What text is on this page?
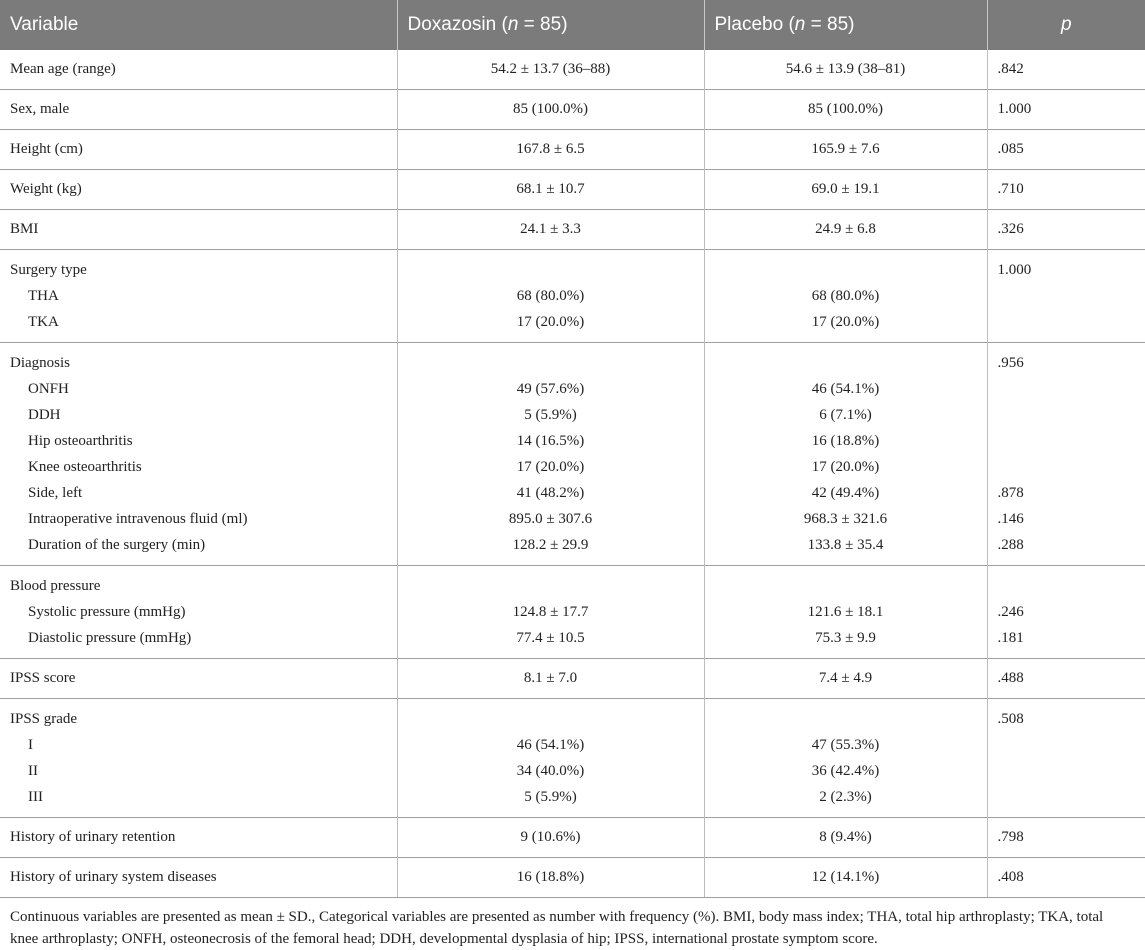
Variable	Doxazosin (n = 85)	Placebo (n = 85)	p
Mean age (range)	54.2 ± 13.7 (36–88)	54.6 ± 13.9 (38–81)	.842
Sex, male	85 (100.0%)	85 (100.0%)	1.000
Height (cm)	167.8 ± 6.5	165.9 ± 7.6	.085
Weight (kg)	68.1 ± 10.7	69.0 ± 19.1	.710
BMI	24.1 ± 3.3	24.9 ± 6.8	.326
Surgery type			1.000
THA	68 (80.0%)	68 (80.0%)	
TKA	17 (20.0%)	17 (20.0%)	
Diagnosis			.956
ONFH	49 (57.6%)	46 (54.1%)	
DDH	5 (5.9%)	6 (7.1%)	
Hip osteoarthritis	14 (16.5%)	16 (18.8%)	
Knee osteoarthritis	17 (20.0%)	17 (20.0%)	
Side, left	41 (48.2%)	42 (49.4%)	.878
Intraoperative intravenous fluid (ml)	895.0 ± 307.6	968.3 ± 321.6	.146
Duration of the surgery (min)	128.2 ± 29.9	133.8 ± 35.4	.288
Blood pressure			
Systolic pressure (mmHg)	124.8 ± 17.7	121.6 ± 18.1	.246
Diastolic pressure (mmHg)	77.4 ± 10.5	75.3 ± 9.9	.181
IPSS score	8.1 ± 7.0	7.4 ± 4.9	.488
IPSS grade			.508
I	46 (54.1%)	47 (55.3%)	
II	34 (40.0%)	36 (42.4%)	
III	5 (5.9%)	2 (2.3%)	
History of urinary retention	9 (10.6%)	8 (9.4%)	.798
History of urinary system diseases	16 (18.8%)	12 (14.1%)	.408
Continuous variables are presented as mean ± SD., Categorical variables are presented as number with frequency (%). BMI, body mass index; THA, total hip arthroplasty; TKA, total knee arthroplasty; ONFH, osteonecrosis of the femoral head; DDH, developmental dysplasia of hip; IPSS, international prostate symptom score.
